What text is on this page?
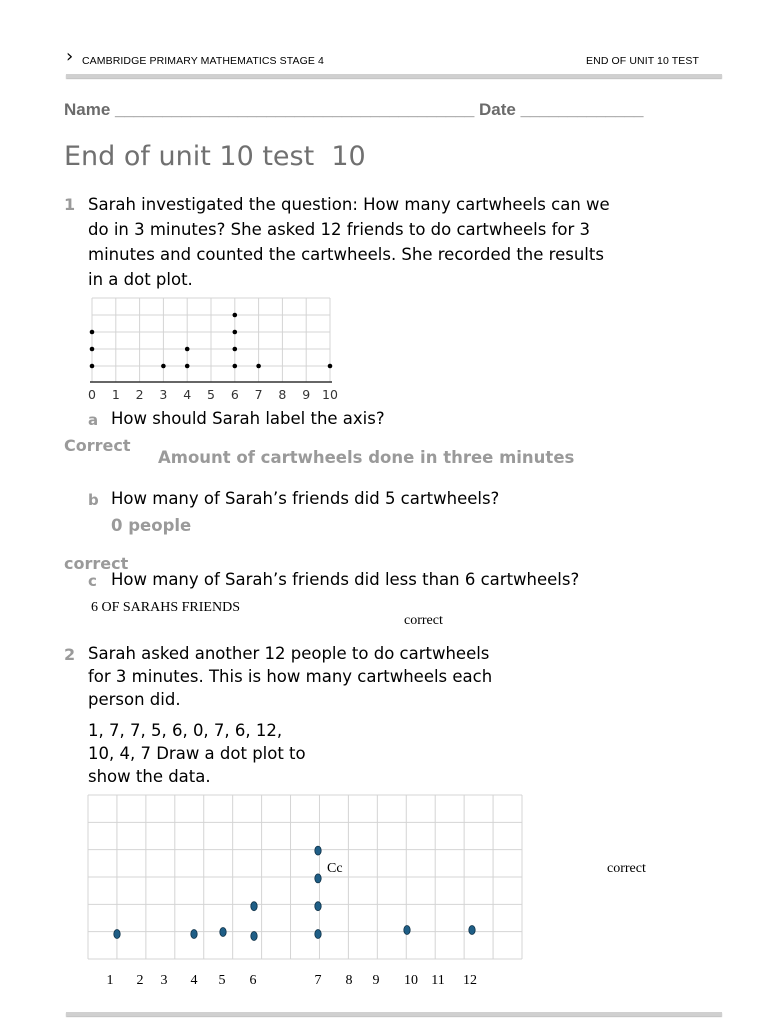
› CAMBRIDGE PRIMARY MATHEMATICS STAGE 4	END OF UNIT 10 TEST
Name ______________________________________ Date _____________
End of unit 10 test  10
1 Sarah investigated the question: How many cartwheels can we
do in 3 minutes? She asked 12 friends to do cartwheels for 3
minutes and counted the cartwheels. She recorded the results
in a dot plot.
0 1 2 3 4 5 6 7 8 9 10
a How should Sarah label the axis?
Correct
Amount of cartwheels done in three minutes
b How many of Sarah’s friends did 5 cartwheels?
0 people
correct
c How many of Sarah’s friends did less than 6 cartwheels?
6 OF SARAHS FRIENDS
correct
2 Sarah asked another 12 people to do cartwheels
for 3 minutes. This is how many cartwheels each
person did.
1, 7, 7, 5, 6, 0, 7, 6, 12,
10, 4, 7 Draw a dot plot to
show the data.
1 2 3 4 5 6	7 8 9 10 11 12
Cc	correct
